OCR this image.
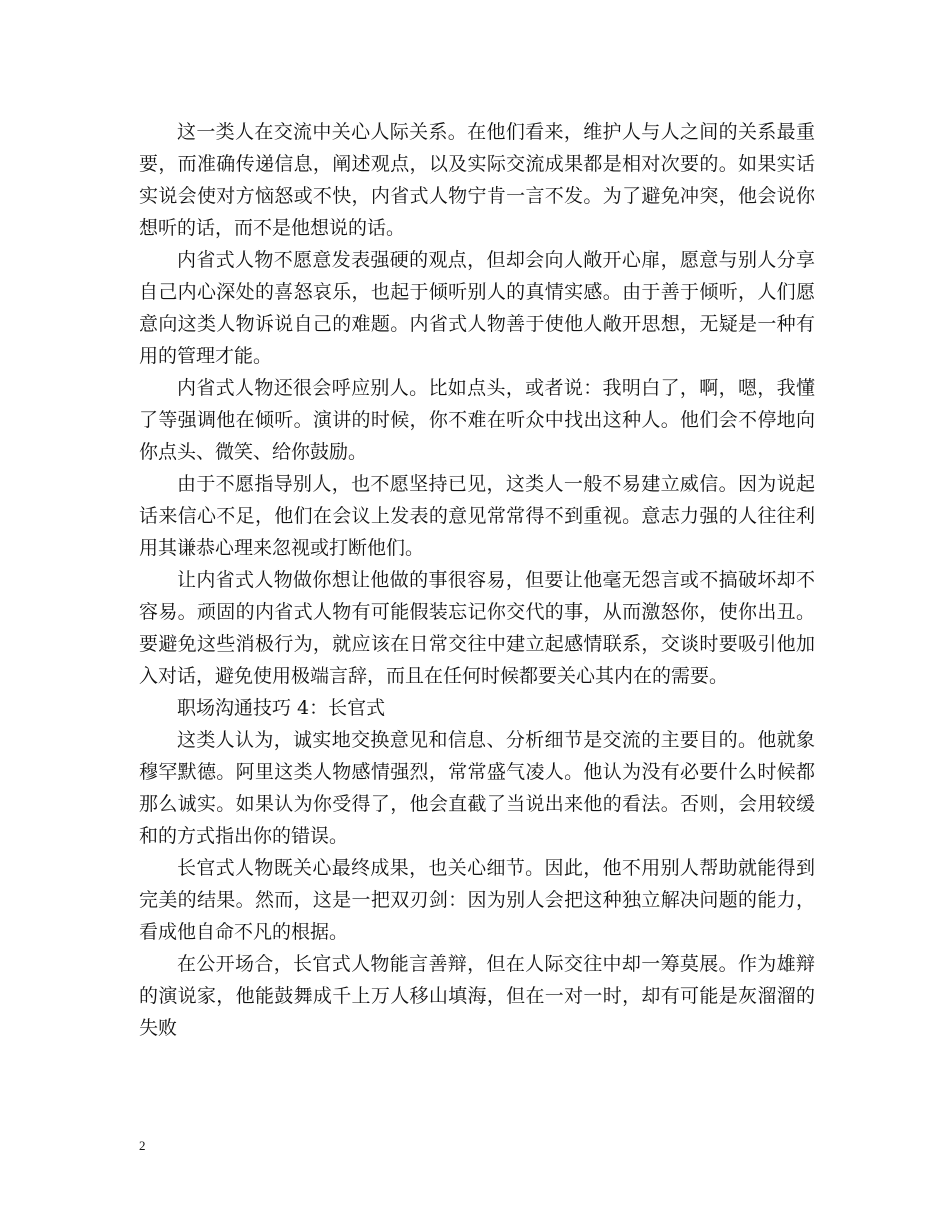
这一类人在交流中关心人际关系。在他们看来，维护人与人之间的关系最重要，而准确传递信息，阐述观点，以及实际交流成果都是相对次要的。如果实话实说会使对方恼怒或不快，内省式人物宁肯一言不发。为了避免冲突，他会说你想听的话，而不是他想说的话。

内省式人物不愿意发表强硬的观点，但却会向人敞开心扉，愿意与别人分享自己内心深处的喜怒哀乐，也起于倾听别人的真情实感。由于善于倾听，人们愿意向这类人物诉说自己的难题。内省式人物善于使他人敞开思想，无疑是一种有用的管理才能。

内省式人物还很会呼应别人。比如点头，或者说：我明白了，啊，嗯，我懂了等强调他在倾听。演讲的时候，你不难在听众中找出这种人。他们会不停地向你点头、微笑、给你鼓励。

由于不愿指导别人，也不愿坚持已见，这类人一般不易建立威信。因为说起话来信心不足，他们在会议上发表的意见常常得不到重视。意志力强的人往往利用其谦恭心理来忽视或打断他们。

让内省式人物做你想让他做的事很容易，但要让他毫无怨言或不搞破坏却不容易。顽固的内省式人物有可能假装忘记你交代的事，从而激怒你，使你出丑。要避免这些消极行为，就应该在日常交往中建立起感情联系，交谈时要吸引他加入对话，避免使用极端言辞，而且在任何时候都要关心其内在的需要。

职场沟通技巧 4：长官式

这类人认为，诚实地交换意见和信息、分析细节是交流的主要目的。他就象穆罕默德。阿里这类人物感情强烈，常常盛气凌人。他认为没有必要什么时候都那么诚实。如果认为你受得了，他会直截了当说出来他的看法。否则，会用较缓和的方式指出你的错误。

长官式人物既关心最终成果，也关心细节。因此，他不用别人帮助就能得到完美的结果。然而，这是一把双刃剑：因为别人会把这种独立解决问题的能力，看成他自命不凡的根据。

在公开场合，长官式人物能言善辩，但在人际交往中却一筹莫展。作为雄辩的演说家，他能鼓舞成千上万人移山填海，但在一对一时，却有可能是灰溜溜的失败

2
